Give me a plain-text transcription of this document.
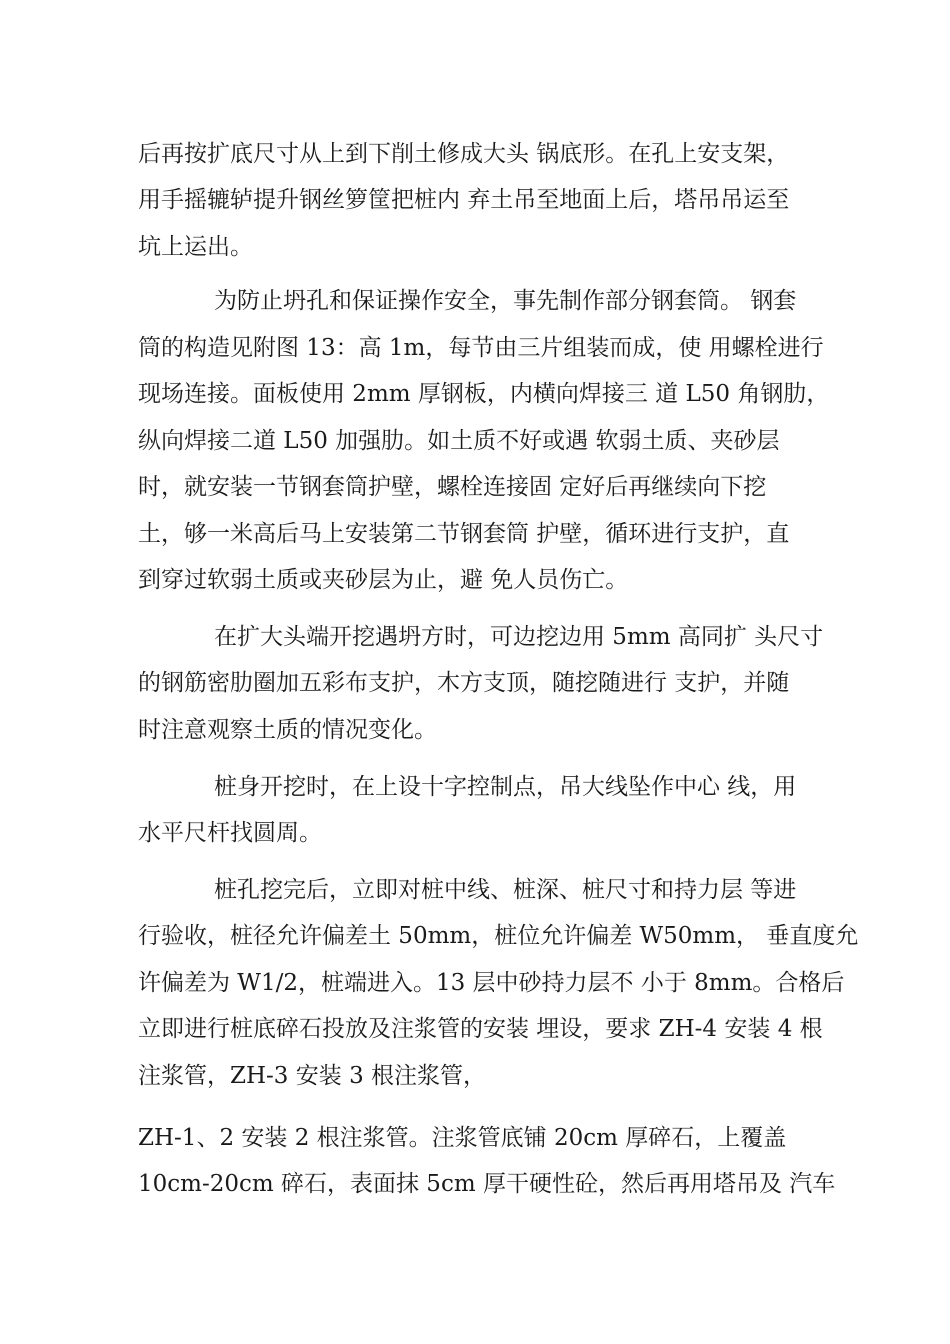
后再按扩底尺寸从上到下削土修成大头 锅底形。在孔上安支架，

用手摇辘轳提升钢丝箩筐把桩内 弃土吊至地面上后，塔吊吊运至

坑上运出。

为防止坍孔和保证操作安全，事先制作部分钢套筒。 钢套

筒的构造见附图 13：高 1m，每节由三片组装而成，使 用螺栓进行

现场连接。面板使用 2mm 厚钢板，内横向焊接三 道 L50 角钢肋，

纵向焊接二道 L50 加强肋。如土质不好或遇 软弱土质、夹砂层

时，就安装一节钢套筒护壁，螺栓连接固 定好后再继续向下挖

土，够一米高后马上安装第二节钢套筒 护壁，循环进行支护，直

到穿过软弱土质或夹砂层为止，避 免人员伤亡。

在扩大头端开挖遇坍方时，可边挖边用 5mm 高同扩 头尺寸

的钢筋密肋圈加五彩布支护，木方支顶，随挖随进行 支护，并随

时注意观察土质的情况变化。

桩身开挖时，在上设十字控制点，吊大线坠作中心 线，用

水平尺杆找圆周。

桩孔挖完后，立即对桩中线、桩深、桩尺寸和持力层 等进

行验收，桩径允许偏差土 50mm，桩位允许偏差 W50mm， 垂直度允

许偏差为 W1/2，桩端进入。13 层中砂持力层不 小于 8mm。合格后

立即进行桩底碎石投放及注浆管的安装 埋设，要求 ZH-4 安装 4 根

注浆管，ZH-3 安装 3 根注浆管，

ZH-1、2 安装 2 根注浆管。注浆管底铺 20cm 厚碎石，上覆盖

10cm-20cm 碎石，表面抹 5cm 厚干硬性砼，然后再用塔吊及 汽车
